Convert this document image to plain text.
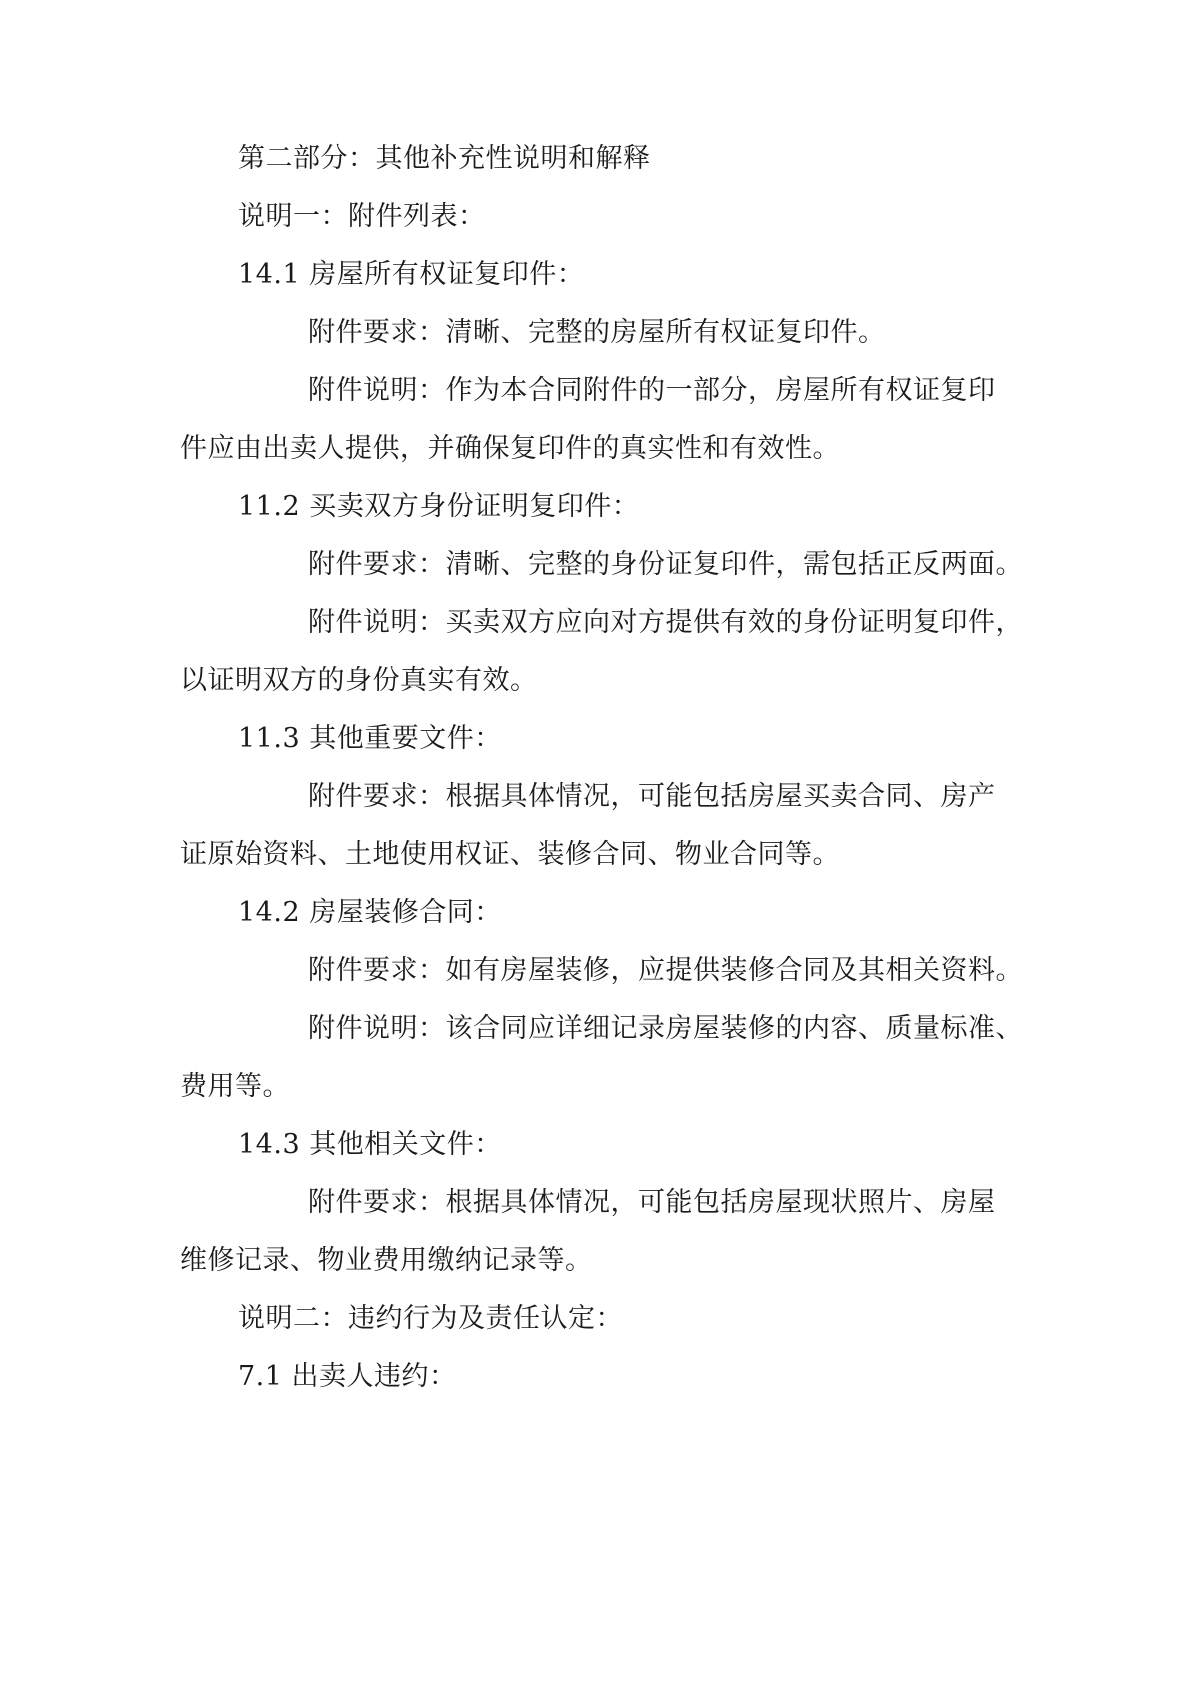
第二部分：其他补充性说明和解释
说明一：附件列表：
14.1 房屋所有权证复印件：
附件要求：清晰、完整的房屋所有权证复印件。
附件说明：作为本合同附件的一部分，房屋所有权证复印
件应由出卖人提供，并确保复印件的真实性和有效性。
11.2 买卖双方身份证明复印件：
附件要求：清晰、完整的身份证复印件，需包括正反两面。
附件说明：买卖双方应向对方提供有效的身份证明复印件，
以证明双方的身份真实有效。
11.3 其他重要文件：
附件要求：根据具体情况，可能包括房屋买卖合同、房产
证原始资料、土地使用权证、装修合同、物业合同等。
14.2 房屋装修合同：
附件要求：如有房屋装修，应提供装修合同及其相关资料。
附件说明：该合同应详细记录房屋装修的内容、质量标准、
费用等。
14.3 其他相关文件：
附件要求：根据具体情况，可能包括房屋现状照片、房屋
维修记录、物业费用缴纳记录等。
说明二：违约行为及责任认定：
7.1 出卖人违约：
